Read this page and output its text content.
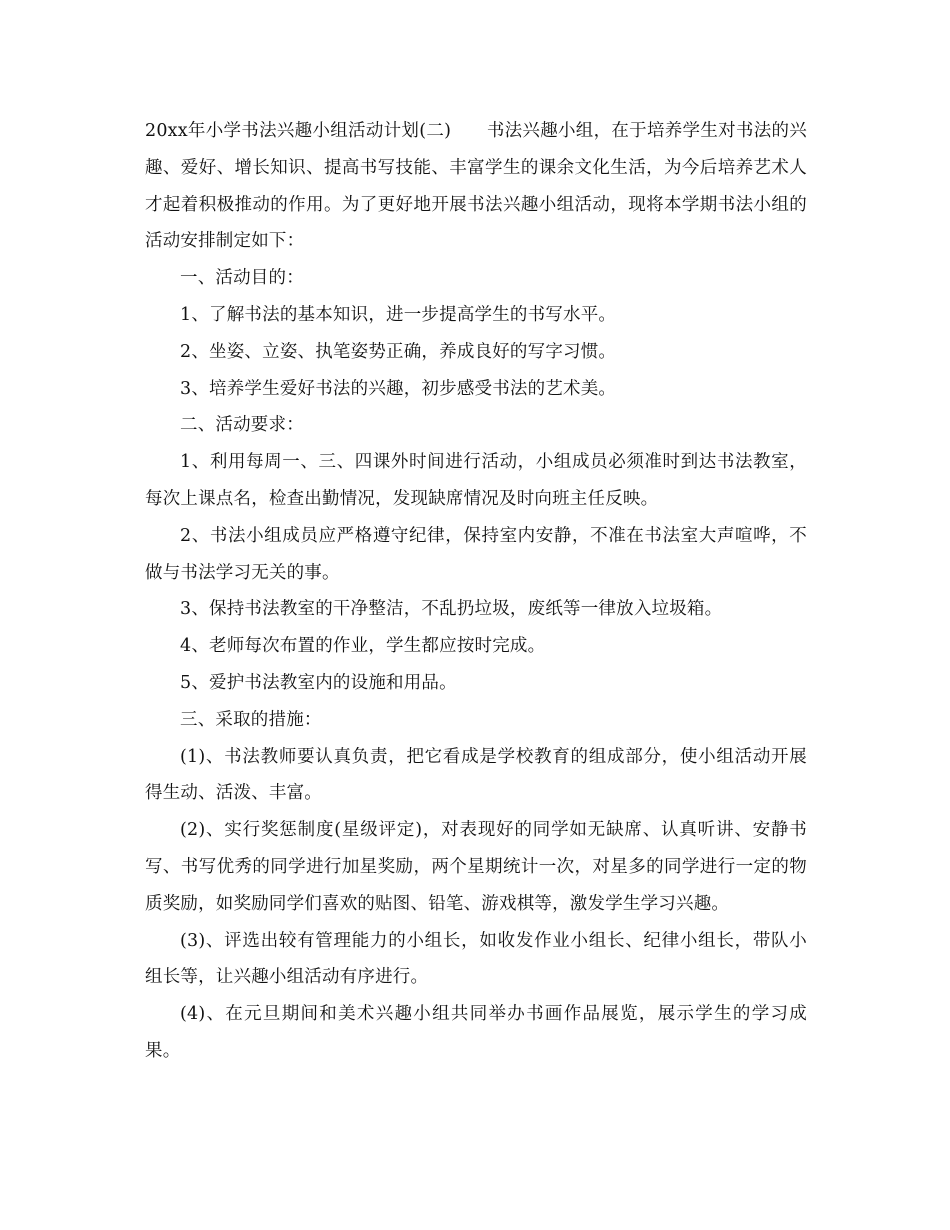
20xx年小学书法兴趣小组活动计划(二)　　书法兴趣小组，在于培养学生对书法的兴趣、爱好、增长知识、提高书写技能、丰富学生的课余文化生活，为今后培养艺术人才起着积极推动的作用。为了更好地开展书法兴趣小组活动，现将本学期书法小组的活动安排制定如下：

一、活动目的：

1、了解书法的基本知识，进一步提高学生的书写水平。

2、坐姿、立姿、执笔姿势正确，养成良好的写字习惯。

3、培养学生爱好书法的兴趣，初步感受书法的艺术美。

二、活动要求：

1、利用每周一、三、四课外时间进行活动，小组成员必须准时到达书法教室，每次上课点名，检查出勤情况，发现缺席情况及时向班主任反映。

2、书法小组成员应严格遵守纪律，保持室内安静，不准在书法室大声喧哗，不做与书法学习无关的事。

3、保持书法教室的干净整洁，不乱扔垃圾，废纸等一律放入垃圾箱。

4、老师每次布置的作业，学生都应按时完成。

5、爱护书法教室内的设施和用品。

三、采取的措施：

(1)、书法教师要认真负责，把它看成是学校教育的组成部分，使小组活动开展得生动、活泼、丰富。

(2)、实行奖惩制度(星级评定)，对表现好的同学如无缺席、认真听讲、安静书写、书写优秀的同学进行加星奖励，两个星期统计一次，对星多的同学进行一定的物质奖励，如奖励同学们喜欢的贴图、铅笔、游戏棋等，激发学生学习兴趣。

(3)、评选出较有管理能力的小组长，如收发作业小组长、纪律小组长，带队小组长等，让兴趣小组活动有序进行。

(4)、在元旦期间和美术兴趣小组共同举办书画作品展览，展示学生的学习成果。
